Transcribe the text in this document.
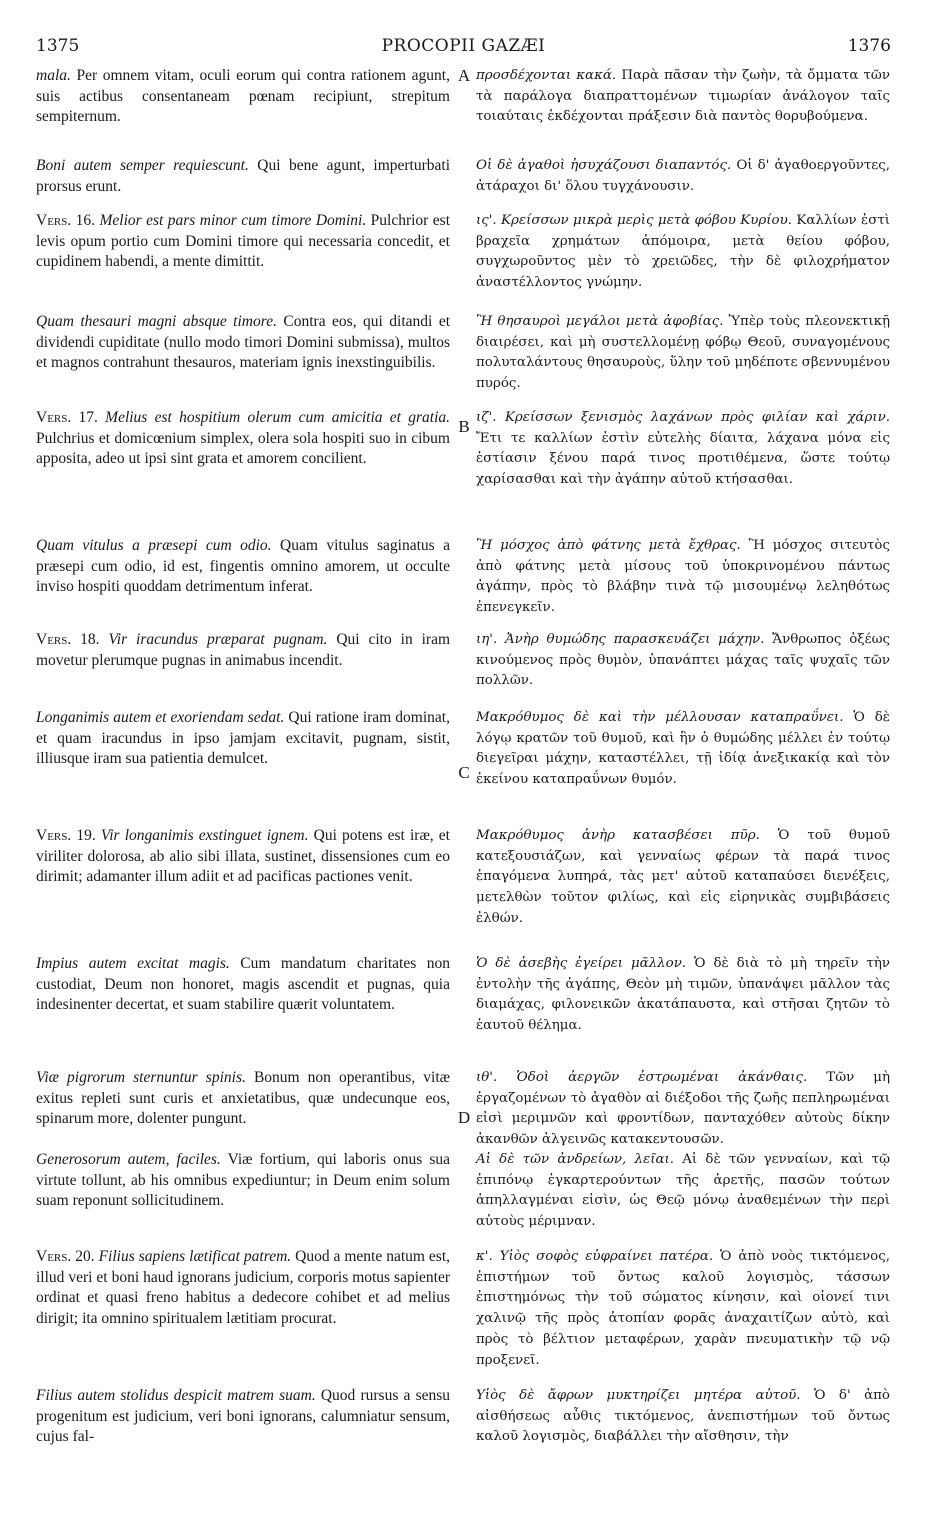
1375	PROCOPII GAZÆI	1376
A
B
C
D
mala. Per omnem vitam, oculi eorum qui contra rationem agunt, suis actibus consentaneam pœnam recipiunt, strepitum sempiternum.
Boni autem semper requiescunt. Qui bene agunt, imperturbati prorsus erunt.
Vers. 16. Melior est pars minor cum timore Domini. Pulchrior est levis opum portio cum Domini timore qui necessaria concedit, et cupidinem habendi, a mente dimittit.
Quam thesauri magni absque timore. Contra eos, qui ditandi et dividendi cupiditate (nullo modo timori Domini submissa), multos et magnos contrahunt thesauros, materiam ignis inexstinguibilis.
Vers. 17. Melius est hospitium olerum cum amicitia et gratia. Pulchrius et domicœnium simplex, olera sola hospiti suo in cibum apposita, adeo ut ipsi sint grata et amorem concilient.
Quam vitulus a præsepi cum odio. Quam vitulus saginatus a præsepi cum odio, id est, fingentis omnino amorem, ut occulte inviso hospiti quoddam detrimentum inferat.
Vers. 18. Vir iracundus præparat pugnam. Qui cito in iram movetur plerumque pugnas in animabus incendit.
Longanimis autem et exoriendam sedat. Qui ratione iram dominat, et quam iracundus in ipso jamjam excitavit, pugnam, sistit, illiusque iram sua patientia demulcet.
Vers. 19. Vir longanimis exstinguet ignem. Qui potens est iræ, et viriliter dolorosa, ab alio sibi illata, sustinet, dissensiones cum eo dirimit; adamanter illum adiit et ad pacificas pactiones venit.
Impius autem excitat magis. Cum mandatum charitates non custodiat, Deum non honoret, magis ascendit et pugnas, quia indesinenter decertat, et suam stabilire quærit voluntatem.
Viæ pigrorum sternuntur spinis. Bonum non operantibus, vitæ exitus repleti sunt curis et anxietatibus, quæ undecunque eos, spinarum more, dolenter pungunt.
Generosorum autem, faciles. Viæ fortium, qui laboris onus sua virtute tollunt, ab his omnibus expediuntur; in Deum enim solum suam reponunt sollicitudinem.
Vers. 20. Filius sapiens lætificat patrem. Quod a mente natum est, illud veri et boni haud ignorans judicium, corporis motus sapienter ordinat et quasi freno habitus a dedecore cohibet et ad melius dirigit; ita omnino spiritualem lætitiam procurat.
Filius autem stolidus despicit matrem suam. Quod rursus a sensu progenitum est judicium, veri boni ignorans, calumniatur sensum, cujus fal-
προσδέχονται κακά. Παρὰ πᾶσαν τὴν ζωὴν, τὰ ὄμματα τῶν τὰ παράλογα διαπραττομένων τιμωρίαν ἀνάλογον ταῖς τοιαύταις ἐκδέχονται πράξεσιν διὰ παντὸς θορυβούμενα.
Οἱ δὲ ἀγαθοὶ ἡσυχάζουσι διαπαντός. Οἱ δ' ἀγαθοεργοῦντες, ἀτάραχοι δι' ὅλου τυγχάνουσιν.
ις'. Κρείσσων μικρὰ μερὶς μετὰ φόβου Κυρίου. Καλλίων ἐστὶ βραχεῖα χρημάτων ἀπόμοιρα, μετὰ θείου φόβου, συγχωροῦντος μὲν τὸ χρειῶδες, τὴν δὲ φιλοχρήματον ἀναστέλλοντος γνώμην.
Ἢ θησαυροὶ μεγάλοι μετὰ ἀφοβίας. Ὑπὲρ τοὺς πλεονεκτικῇ διαιρέσει, καὶ μὴ συστελλομένῃ φόβῳ Θεοῦ, συναγομένους πολυταλάντους θησαυροὺς, ὕλην τοῦ μηδέποτε σβεννυμένου πυρός.
ιζ'. Κρείσσων ξενισμὸς λαχάνων πρὸς φιλίαν καὶ χάριν. Ἔτι τε καλλίων ἐστὶν εὐτελὴς δίαιτα, λάχανα μόνα εἰς ἑστίασιν ξένου παρά τινος προτιθέμενα, ὥστε τούτῳ χαρίσασθαι καὶ τὴν ἀγάπην αὐτοῦ κτήσασθαι.
Ἢ μόσχος ἀπὸ φάτνης μετὰ ἔχθρας. Ἢ μόσχος σιτευτὸς ἀπὸ φάτνης μετὰ μίσους τοῦ ὑποκρινομένου πάντως ἀγάπην, πρὸς τὸ βλάβην τινὰ τῷ μισουμένῳ λεληθότως ἐπενεγκεῖν.
ιη'. Ἀνὴρ θυμώδης παρασκευάζει μάχην. Ἄνθρωπος ὀξέως κινούμενος πρὸς θυμὸν, ὑπανάπτει μάχας ταῖς ψυχαῖς τῶν πολλῶν.
Μακρόθυμος δὲ καὶ τὴν μέλλουσαν καταπραΰνει. Ὁ δὲ λόγῳ κρατῶν τοῦ θυμοῦ, καὶ ἣν ὁ θυμώδης μέλλει ἐν τούτῳ διεγεῖραι μάχην, καταστέλλει, τῇ ἰδίᾳ ἀνεξικακίᾳ καὶ τὸν ἐκείνου καταπραΰνων θυμόν.
Μακρόθυμος ἀνὴρ κατασβέσει πῦρ. Ὁ τοῦ θυμοῦ κατεξουσιάζων, καὶ γενναίως φέρων τὰ παρά τινος ἐπαγόμενα λυπηρά, τὰς μετ' αὐτοῦ καταπαύσει διενέξεις, μετελθὼν τοῦτον φιλίως, καὶ εἰς εἰρηνικὰς συμβιβάσεις ἐλθών.
Ὁ δὲ ἀσεβὴς ἐγείρει μᾶλλον. Ὁ δὲ διὰ τὸ μὴ τηρεῖν τὴν ἐντολὴν τῆς ἀγάπης, Θεὸν μὴ τιμῶν, ὑπανάψει μᾶλλον τὰς διαμάχας, φιλονεικῶν ἀκατάπαυστα, καὶ στῆσαι ζητῶν τὸ ἑαυτοῦ θέλημα.
ιθ'. Ὁδοὶ ἀεργῶν ἐστρωμέναι ἀκάνθαις. Τῶν μὴ ἐργαζομένων τὸ ἀγαθὸν αἱ διέξοδοι τῆς ζωῆς πεπληρωμέναι εἰσὶ μεριμνῶν καὶ φροντίδων, πανταχόθεν αὐτοὺς δίκην ἀκανθῶν ἀλγεινῶς κατακεντουσῶν.
Αἱ δὲ τῶν ἀνδρείων, λεῖαι. Αἱ δὲ τῶν γενναίων, καὶ τῷ ἐπιπόνῳ ἐγκαρτερούντων τῆς ἀρετῆς, πασῶν τούτων ἀπηλλαγμέναι εἰσὶν, ὡς Θεῷ μόνῳ ἀναθεμένων τὴν περὶ αὐτοὺς μέριμναν.
κ'. Υἱὸς σοφὸς εὐφραίνει πατέρα. Ὁ ἀπὸ νοὸς τικτόμενος, ἐπιστήμων τοῦ ὄντως καλοῦ λογισμὸς, τάσσων ἐπιστημόνως τὴν τοῦ σώματος κίνησιν, καὶ οἱονεί τινι χαλινῷ τῆς πρὸς ἀτοπίαν φορᾶς ἀναχαιτίζων αὐτὸ, καὶ πρὸς τὸ βέλτιον μεταφέρων, χαρὰν πνευματικὴν τῷ νῷ προξενεῖ.
Υἱὸς δὲ ἄφρων μυκτηρίζει μητέρα αὐτοῦ. Ὁ δ' ἀπὸ αἰσθήσεως αὖθις τικτόμενος, ἀνεπιστήμων τοῦ ὄντως καλοῦ λογισμὸς, διαβάλλει τὴν αἴσθησιν, τὴν
